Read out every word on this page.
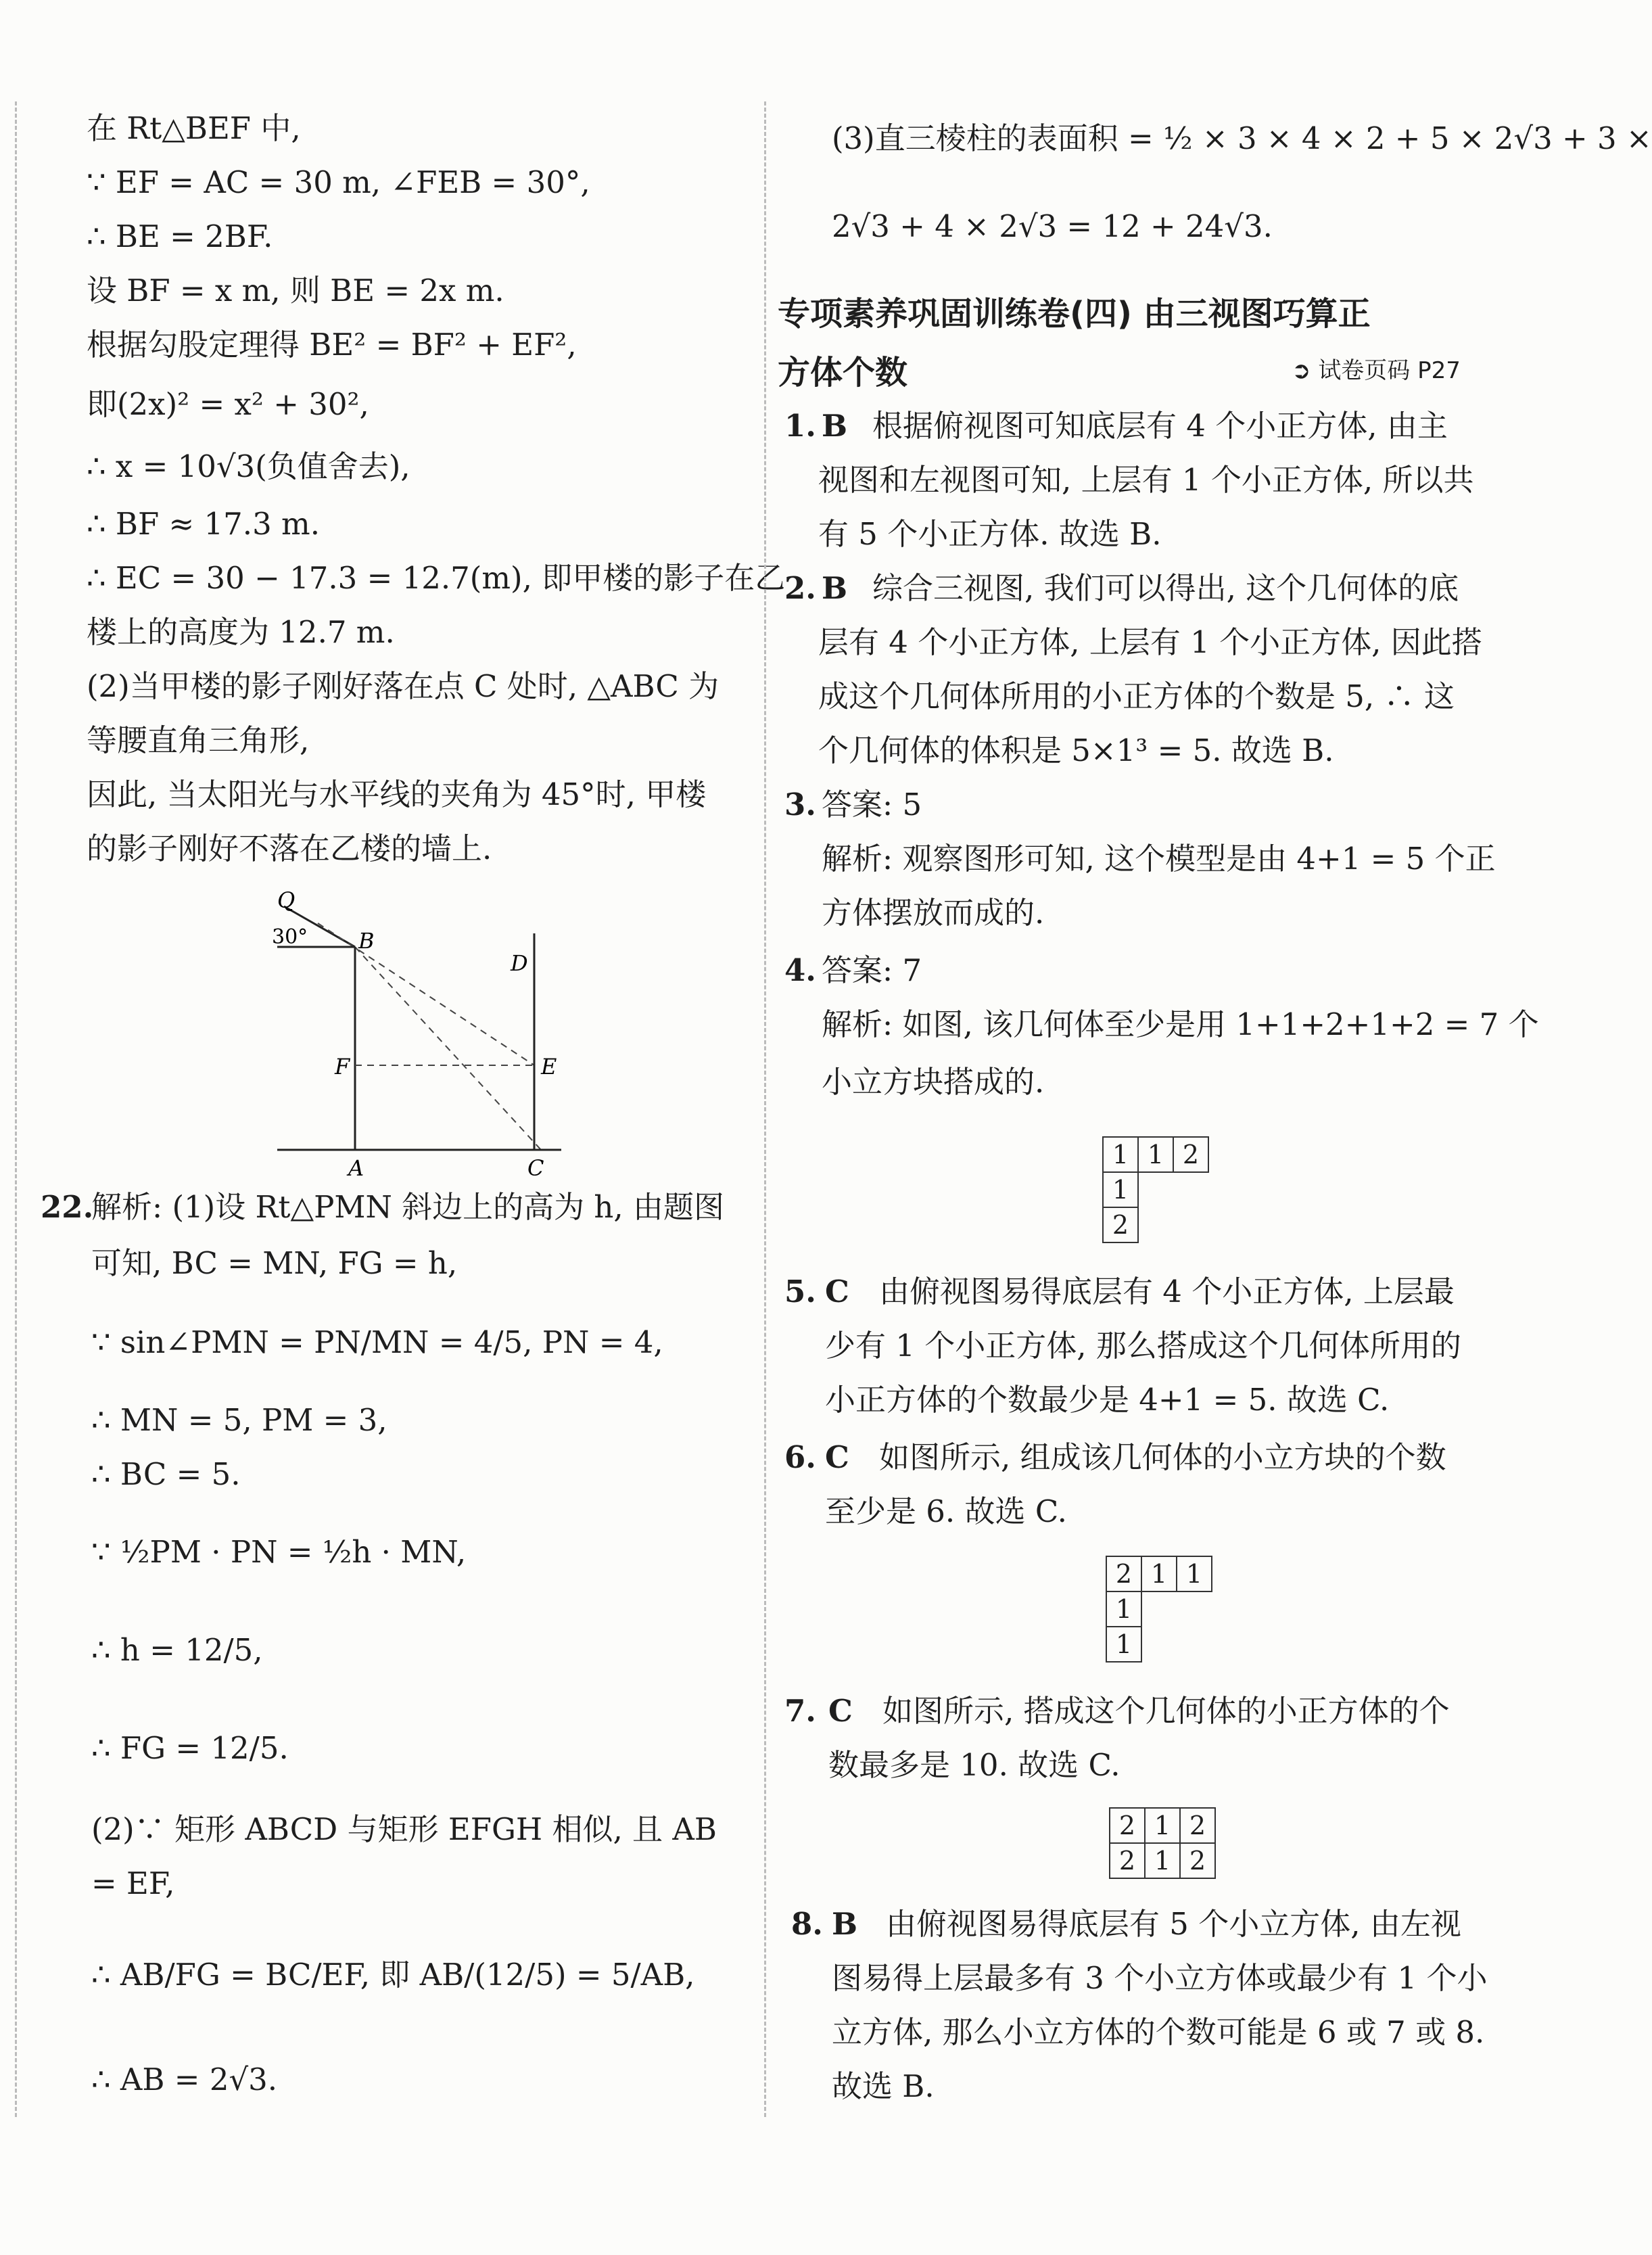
在 Rt△BEF 中,
∵ EF = AC = 30 m, ∠FEB = 30°,
∴ BE = 2BF.
设 BF = x m, 则 BE = 2x m.
根据勾股定理得 BE² = BF² + EF²,
即(2x)² = x² + 30²,
∴ x = 10√3(负值舍去),
∴ BF ≈ 17.3 m.
∴ EC = 30 − 17.3 = 12.7(m), 即甲楼的影子在乙
楼上的高度为 12.7 m.
(2)当甲楼的影子刚好落在点 C 处时, △ABC 为
等腰直角三角形,
因此, 当太阳光与水平线的夹角为 45°时, 甲楼
的影子刚好不落在乙楼的墙上.
Q
30° B
D
F	E
A	C
22.
解析: (1)设 Rt△PMN 斜边上的高为 h, 由题图
可知, BC = MN, FG = h,
∵ sin∠PMN = PN/MN = 4/5, PN = 4,
∴ MN = 5, PM = 3,
∴ BC = 5.
∵ ½PM · PN = ½h · MN,
∴ h = 12/5,
∴ FG = 12/5.
(2)∵ 矩形 ABCD 与矩形 EFGH 相似, 且 AB
= EF,
∴ AB/FG = BC/EF, 即 AB/(12/5) = 5/AB,
∴ AB = 2√3.
(3)直三棱柱的表面积 = ½ × 3 × 4 × 2 + 5 × 2√3 + 3 ×
2√3 + 4 × 2√3 = 12 + 24√3.
专项素养巩固训练卷(四) 由三视图巧算正
方体个数	➲ 试卷页码 P27
1. B 根据俯视图可知底层有 4 个小正方体, 由主
视图和左视图可知, 上层有 1 个小正方体, 所以共
有 5 个小正方体. 故选 B.
2. B 综合三视图, 我们可以得出, 这个几何体的底
层有 4 个小正方体, 上层有 1 个小正方体, 因此搭
成这个几何体所用的小正方体的个数是 5, ∴ 这
个几何体的体积是 5×1³ = 5. 故选 B.
3. 答案: 5
解析: 观察图形可知, 这个模型是由 4+1 = 5 个正
方体摆放而成的.
4. 答案: 7
解析: 如图, 该几何体至少是用 1+1+2+1+2 = 7 个
小立方块搭成的.
1	1	2
1		
2		
5. C 由俯视图易得底层有 4 个小正方体, 上层最
少有 1 个小正方体, 那么搭成这个几何体所用的
小正方体的个数最少是 4+1 = 5. 故选 C.
6. C 如图所示, 组成该几何体的小立方块的个数
至少是 6. 故选 C.
2	1	1
1		
1		
7. C 如图所示, 搭成这个几何体的小正方体的个
数最多是 10. 故选 C.
2	1	2
2	1	2
8. B 由俯视图易得底层有 5 个小立方体, 由左视
图易得上层最多有 3 个小立方体或最少有 1 个小
立方体, 那么小立方体的个数可能是 6 或 7 或 8.
故选 B.
